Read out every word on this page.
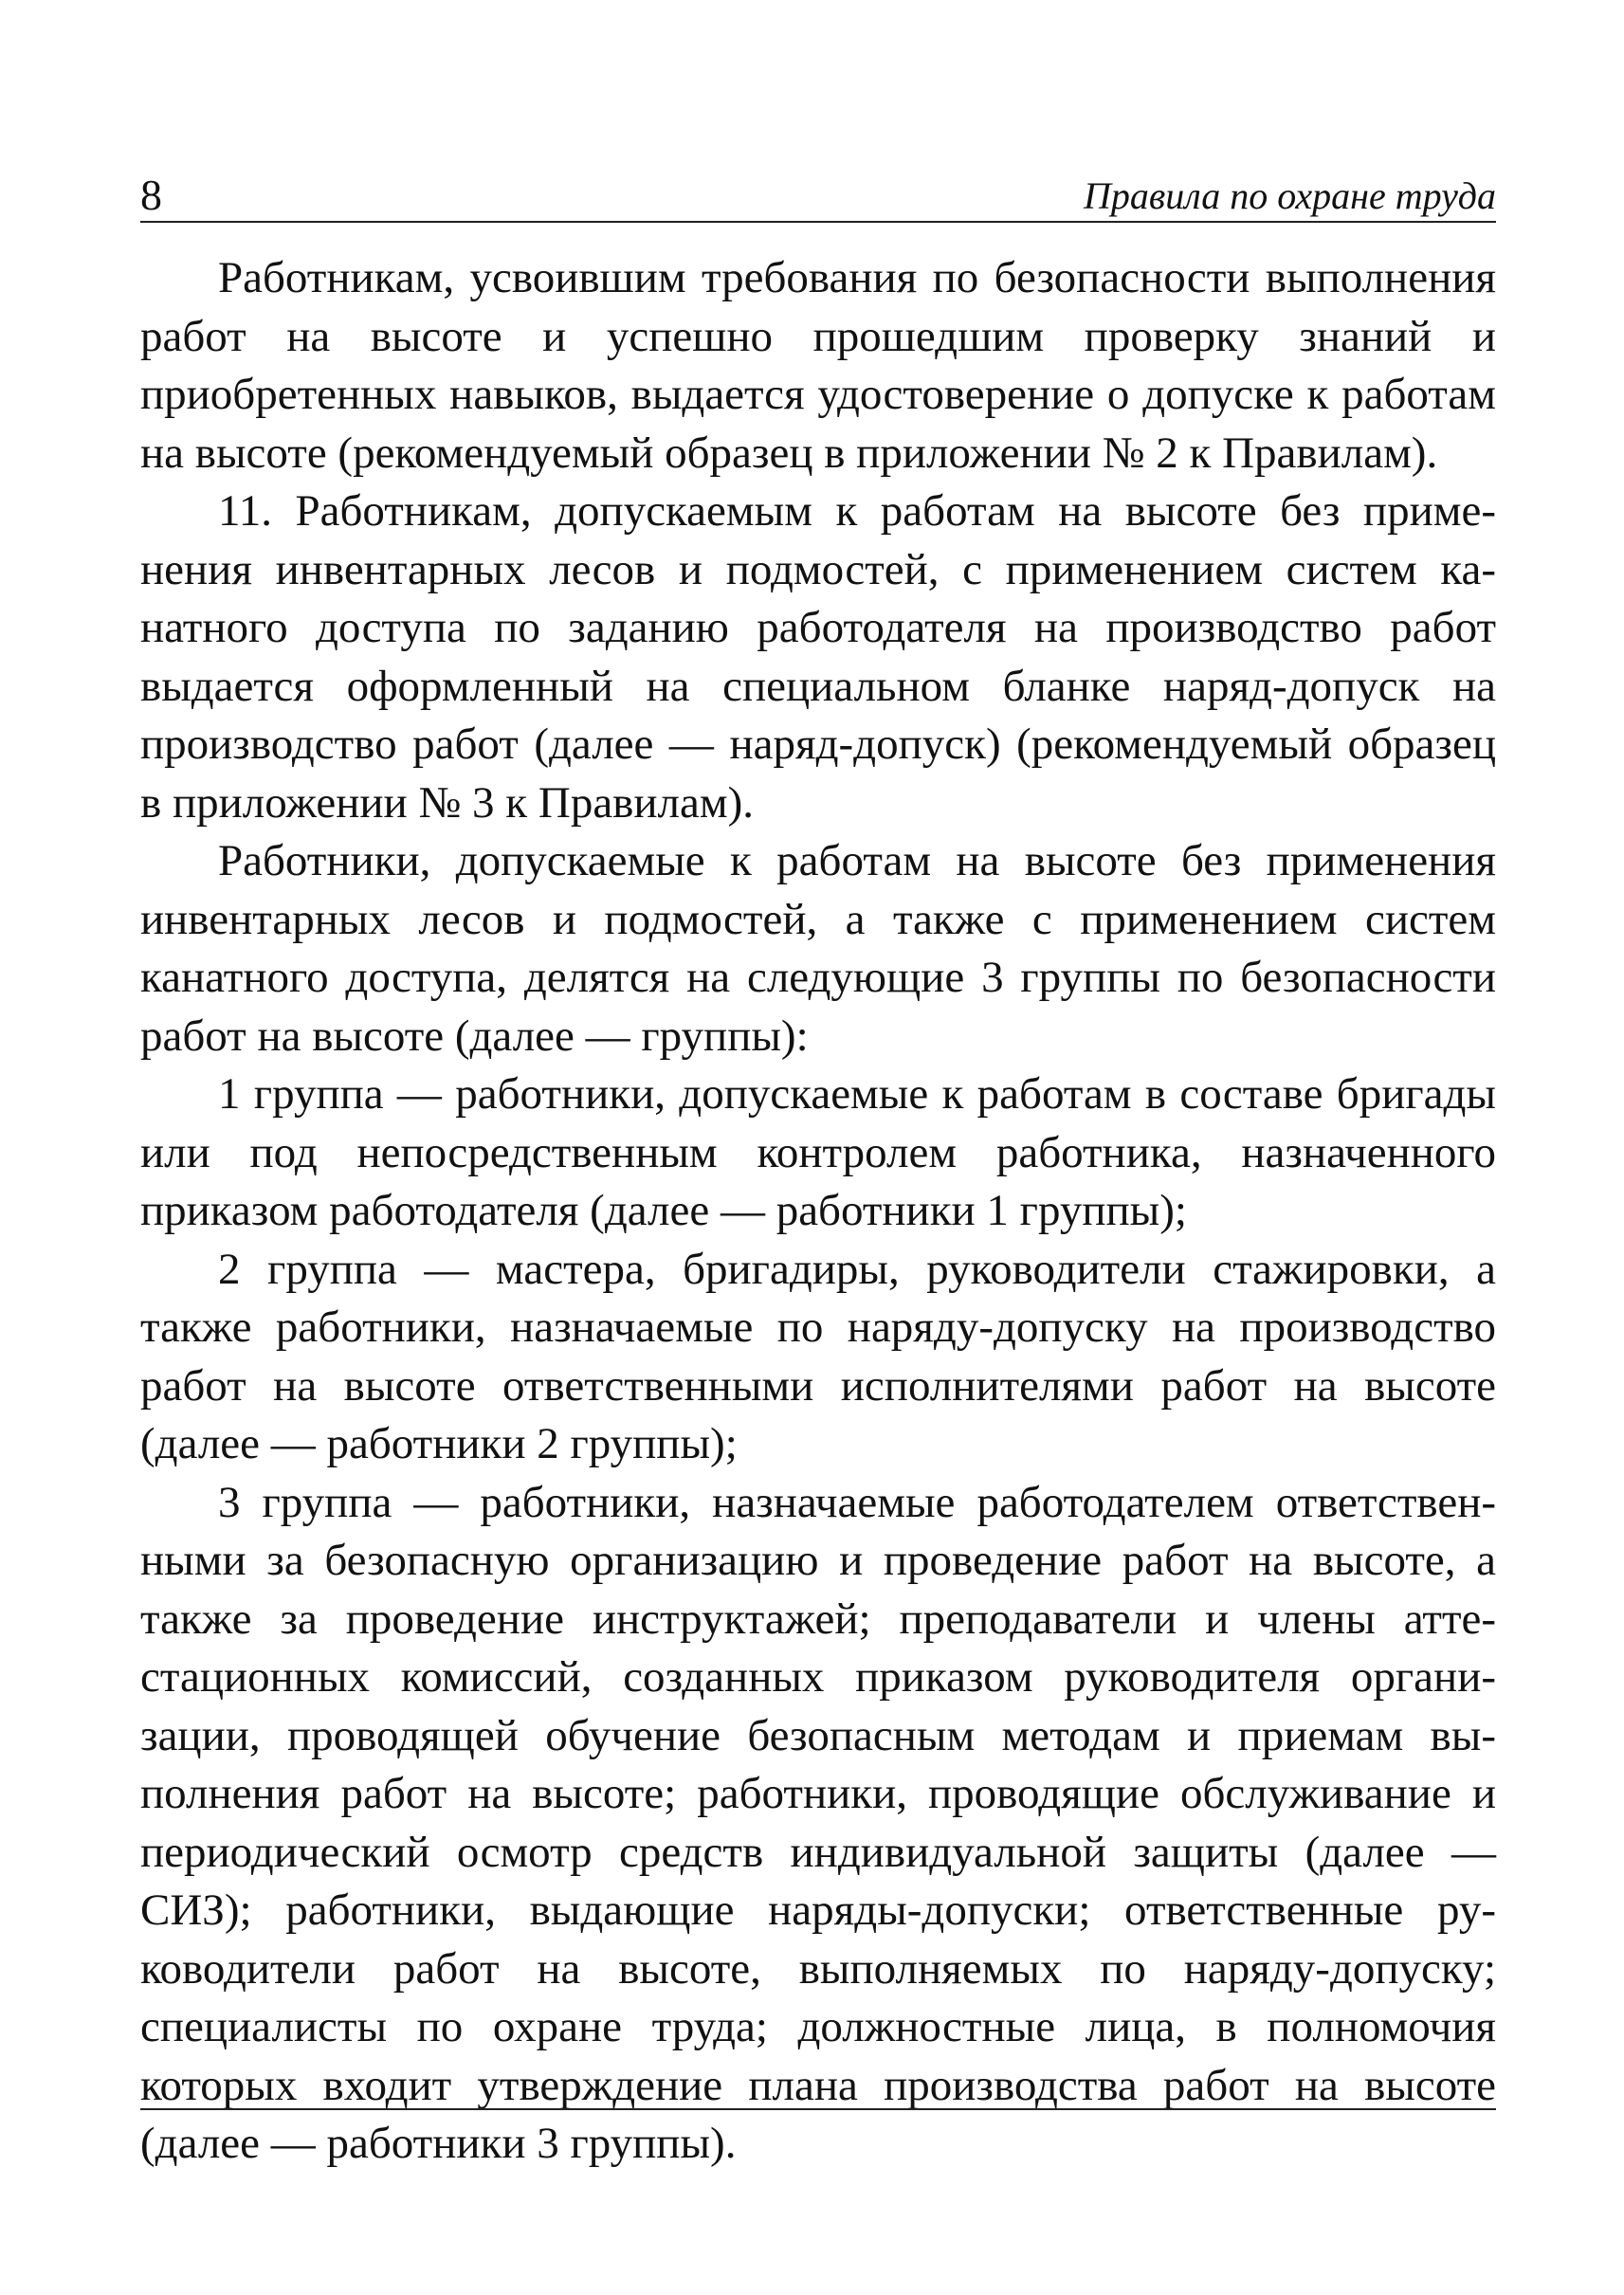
8	Правила по охране труда

Работникам, усвоившим требования по безопасности выполнения работ на высоте и успешно прошедшим проверку знаний и приобретенных навыков, выдается удостоверение о допуске к работам на высоте (рекомендуемый образец в приложении № 2 к Правилам).

11. Работникам, допускаемым к работам на высоте без применения инвентарных лесов и подмостей, с применением систем канатного доступа по заданию работодателя на производство работ выдается оформленный на специальном бланке наряд-допуск на производство работ (далее — наряд-допуск) (рекомендуемый образец в приложении № 3 к Правилам).

Работники, допускаемые к работам на высоте без применения инвентарных лесов и подмостей, а также с применением систем канатного доступа, делятся на следующие 3 группы по безопасности работ на высоте (далее — группы):

1 группа — работники, допускаемые к работам в составе бригады или под непосредственным контролем работника, назначенного приказом работодателя (далее — работники 1 группы);

2 группа — мастера, бригадиры, руководители стажировки, а также работники, назначаемые по наряду-допуску на производство работ на высоте ответственными исполнителями работ на высоте (далее — работники 2 группы);

3 группа — работники, назначаемые работодателем ответственными за безопасную организацию и проведение работ на высоте, а также за проведение инструктажей; преподаватели и члены аттестационных комиссий, созданных приказом руководителя организации, проводящей обучение безопасным методам и приемам выполнения работ на высоте; работники, проводящие обслуживание и периодический осмотр средств индивидуальной защиты (далее — СИЗ); работники, выдающие наряды-допуски; ответственные руководители работ на высоте, выполняемых по наряду-допуску; специалисты по охране труда; должностные лица, в полномочия которых входит утверждение плана производства работ на высоте (далее — работники 3 группы).
